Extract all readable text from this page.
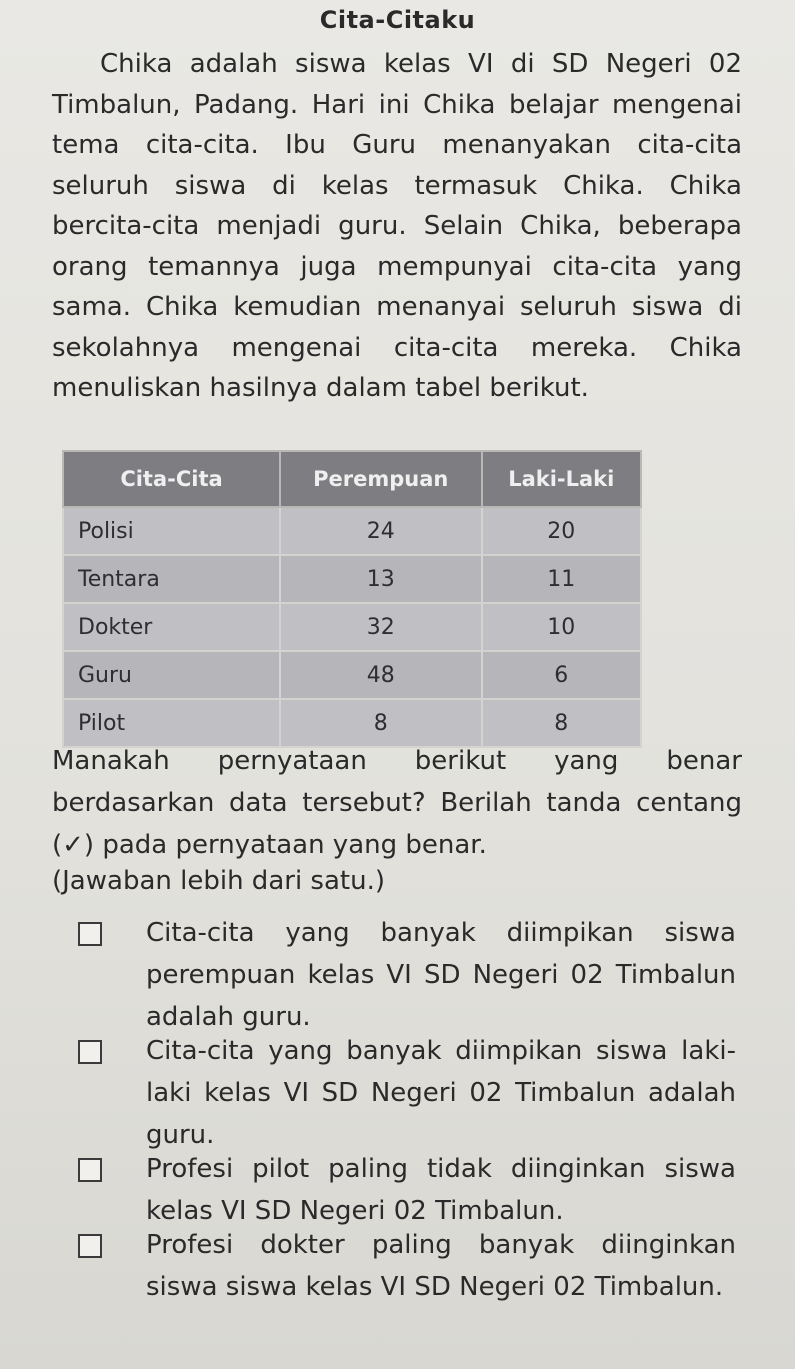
Cita-Citaku
Chika adalah siswa kelas VI di SD Negeri 02 Timbalun, Padang. Hari ini Chika belajar mengenai tema cita-cita. Ibu Guru menanyakan cita-cita seluruh siswa di kelas termasuk Chika. Chika bercita-cita menjadi guru. Selain Chika, beberapa orang temannya juga mempunyai cita-cita yang sama. Chika kemudian menanyai seluruh siswa di sekolahnya mengenai cita-cita mereka. Chika menuliskan hasilnya dalam tabel berikut.
Cita-Cita	Perempuan	Laki-Laki
Polisi	24	20
Tentara	13	11
Dokter	32	10
Guru	48	6
Pilot	8	8
Manakah pernyataan berikut yang benar berdasarkan data tersebut? Berilah tanda centang (✓) pada pernyataan yang benar.
(Jawaban lebih dari satu.)
Cita-cita yang banyak diimpikan siswa perempuan kelas VI SD Negeri 02 Timbalun adalah guru.
Cita-cita yang banyak diimpikan siswa laki-laki kelas VI SD Negeri 02 Timbalun adalah guru.
Profesi pilot paling tidak diinginkan siswa kelas VI SD Negeri 02 Timbalun.
Profesi dokter paling banyak diinginkan siswa siswa kelas VI SD Negeri 02 Timbalun.
